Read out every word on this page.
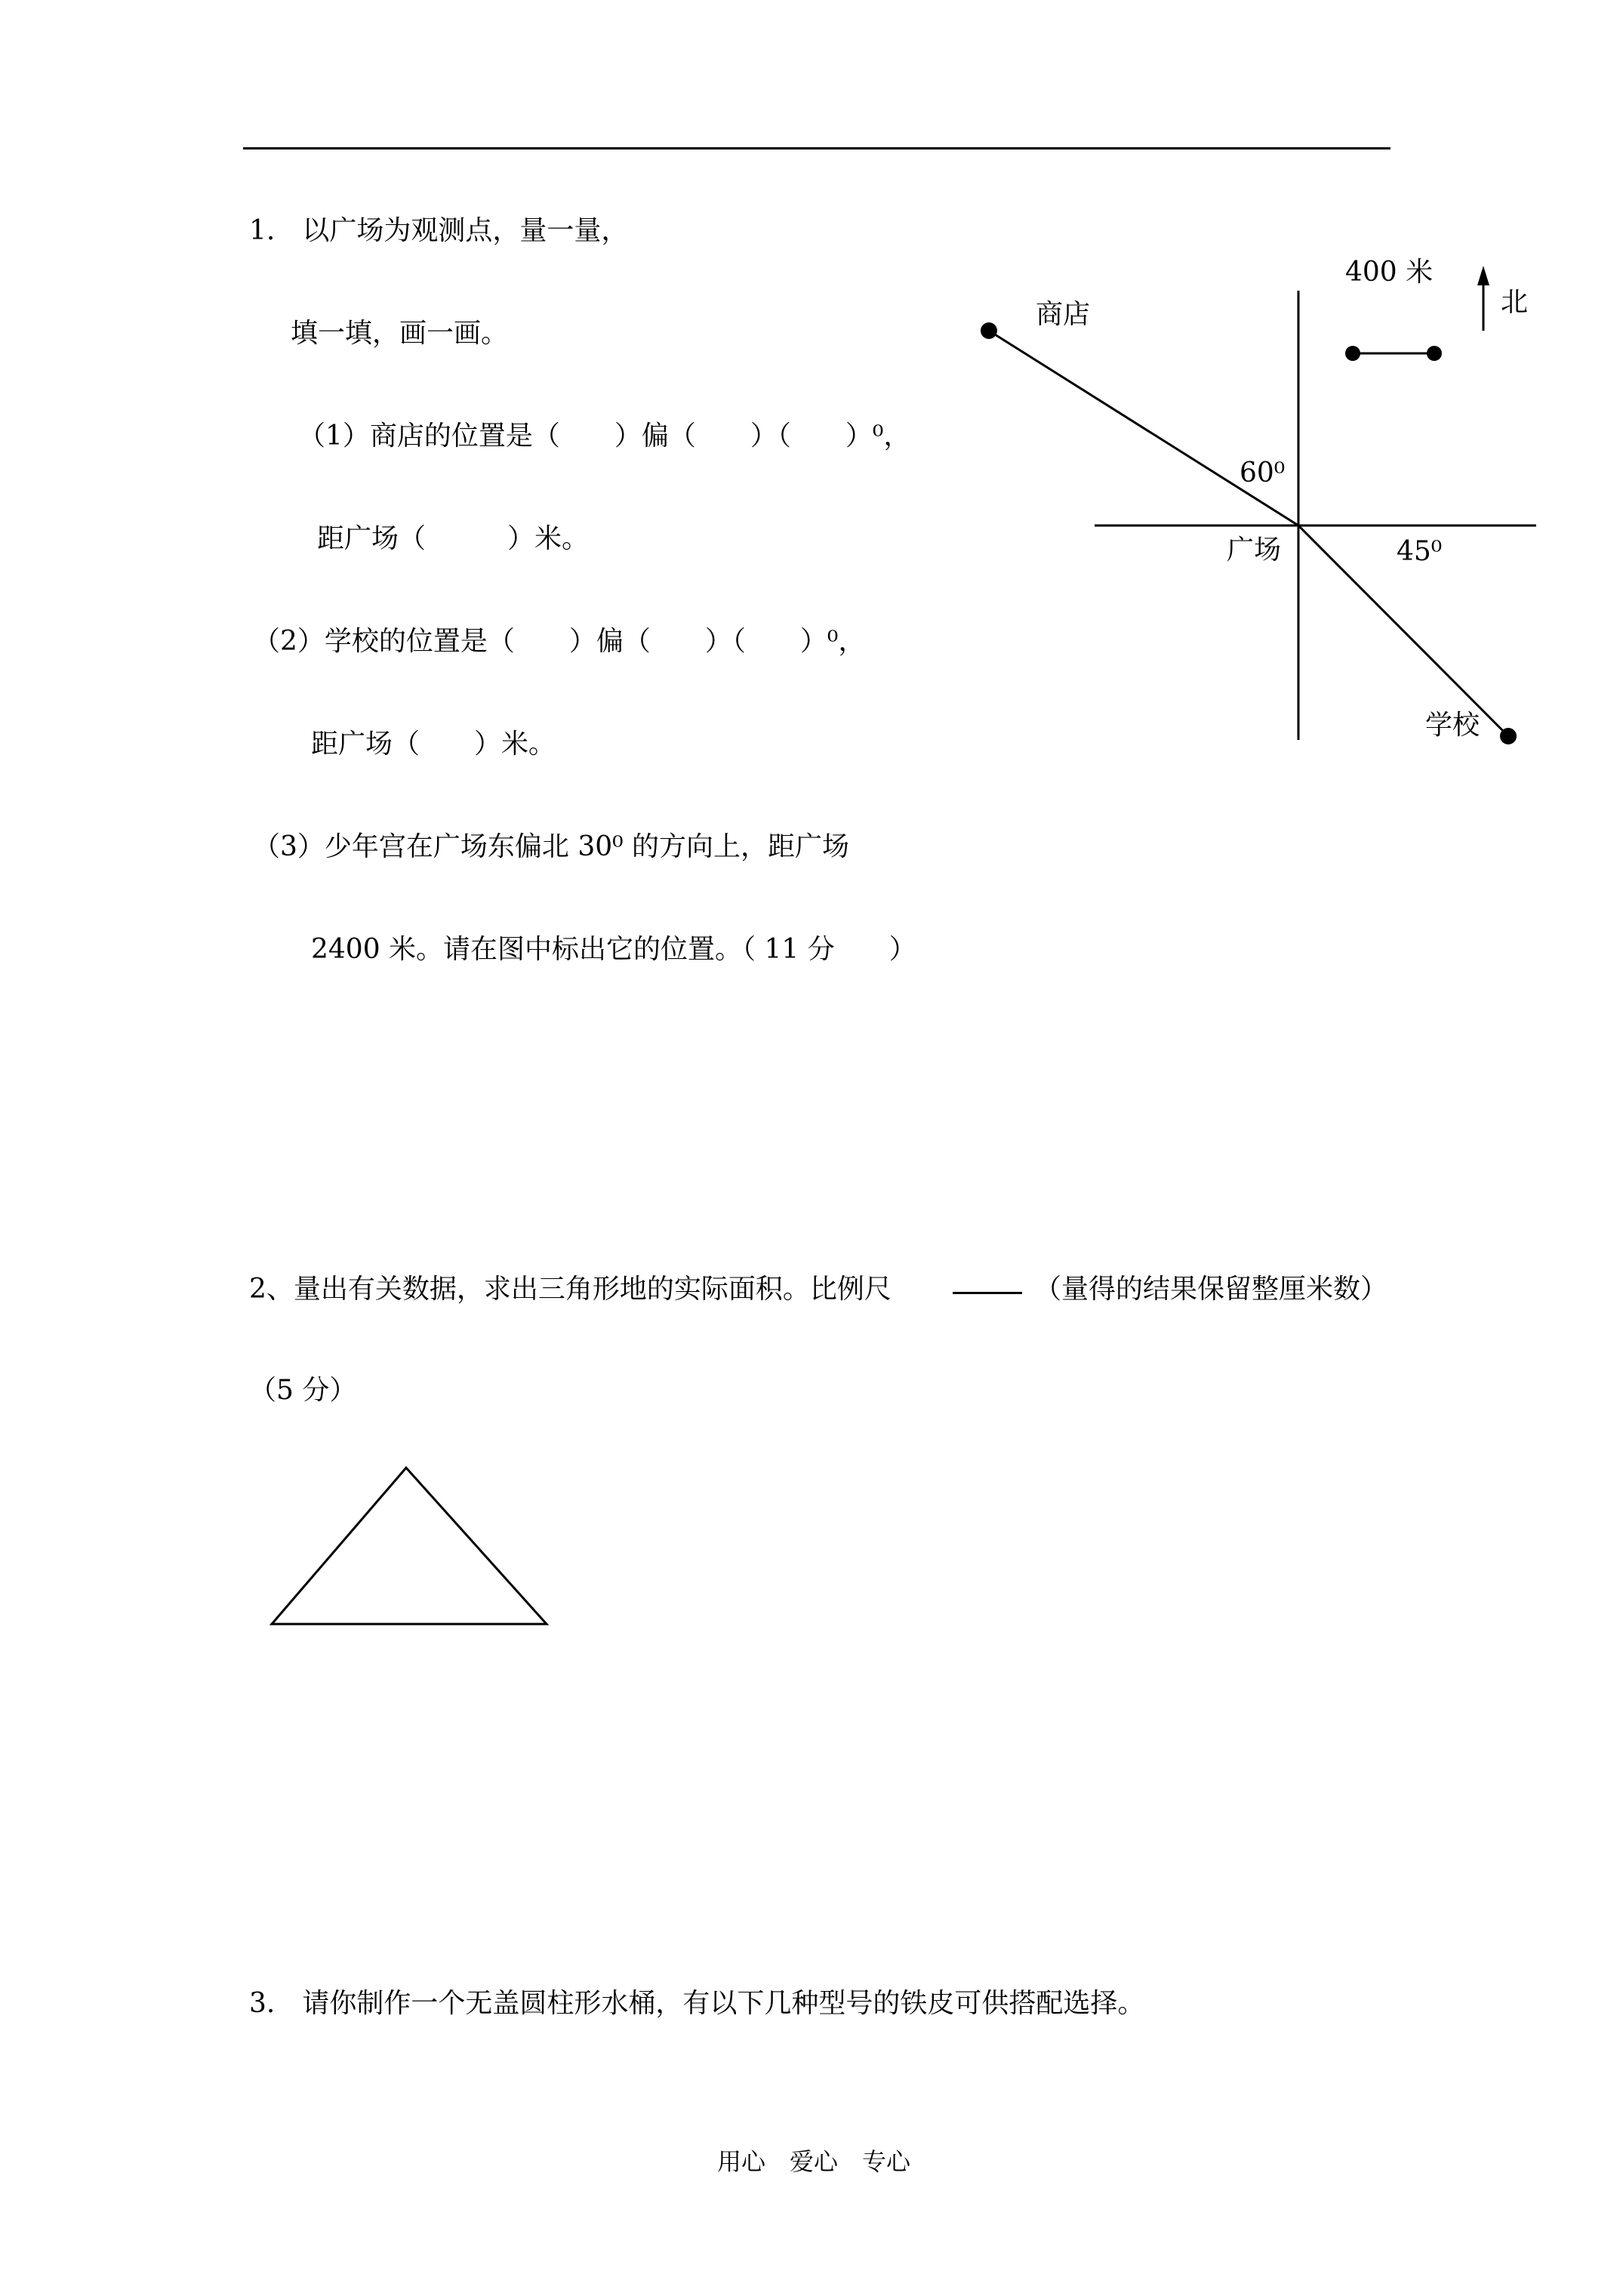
1.　以广场为观测点，量一量，
填一填，画一画。
（1）商店的位置是（　　）偏（　　）（　　）⁰，
距广场（　　　）米。
（2）学校的位置是（　　）偏（　　）（　　）⁰，
距广场（　　）米。
（3）少年宫在广场东偏北 30⁰ 的方向上，距广场
2400 米。请在图中标出它的位置。（ 11 分　　）
商店
400 米
北
60⁰
广场	45⁰
学校
2、量出有关数据，求出三角形地的实际面积。比例尺	（量得的结果保留整厘米数）
（5 分）
3.　请你制作一个无盖圆柱形水桶，有以下几种型号的铁皮可供搭配选择。
用心　爱心　专心
